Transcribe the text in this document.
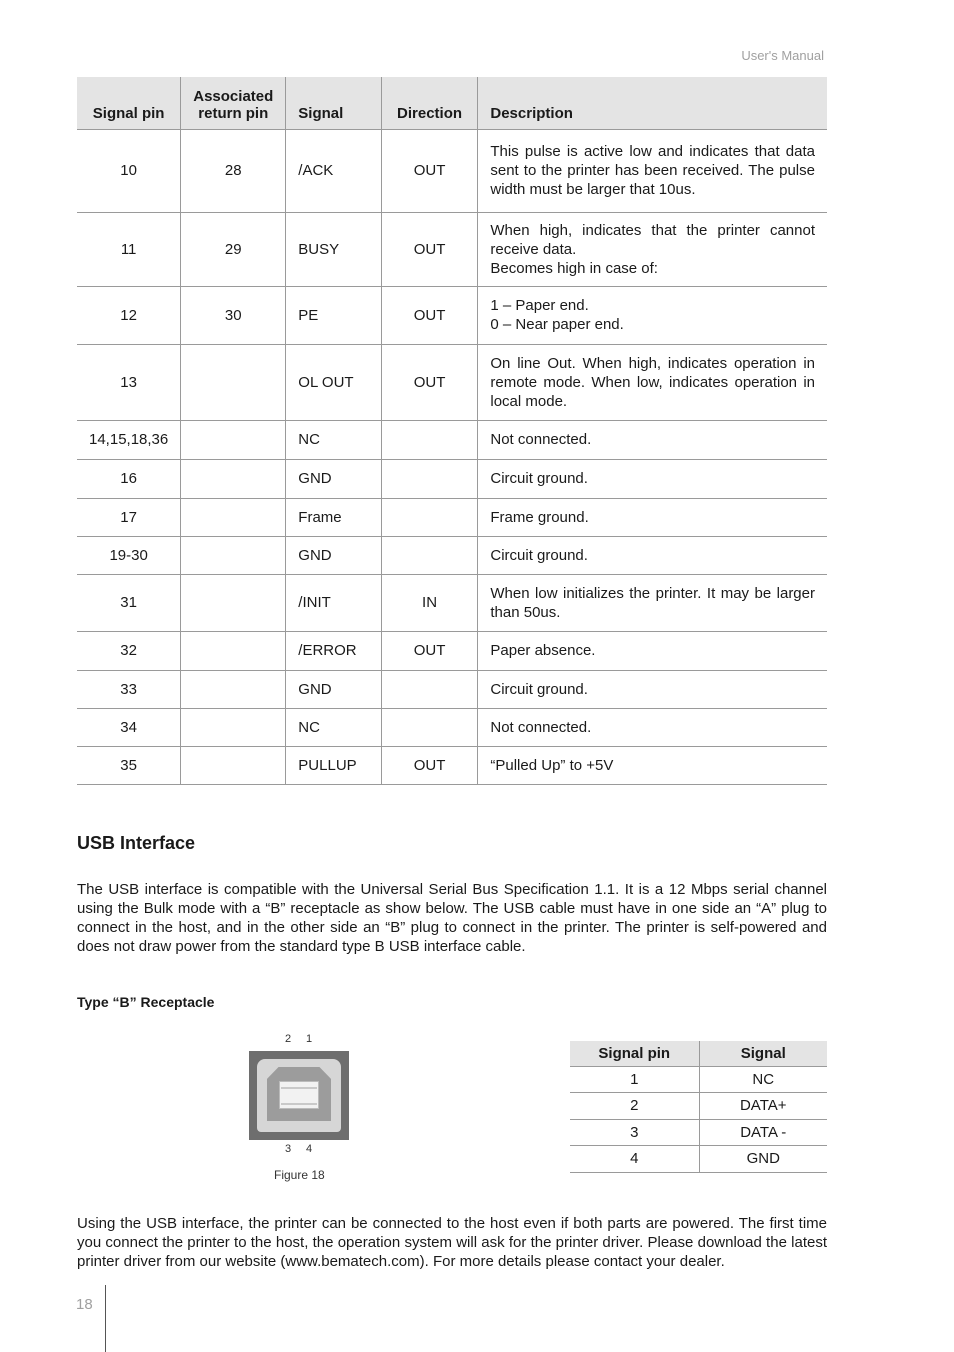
User's Manual
Signal pin	Associated return pin	Signal	Direction	Description
10	28	/ACK	OUT	This pulse is active low and indicates that data sent to the printer has been received. The pulse width must be larger that 10us.
11	29	BUSY	OUT	When high, indicates that the printer cannot receive data.
Becomes high in case of:
12	30	PE	OUT	1 – Paper end.
0 – Near paper end.
13		OL OUT	OUT	On line Out. When high, indicates operation in remote mode. When low, indicates operation in local mode.
14,15,18,36		NC		Not connected.
16		GND		Circuit ground.
17		Frame		Frame ground.
19-30		GND		Circuit ground.
31		/INIT	IN	When low initializes the printer. It may be larger than 50us.
32		/ERROR	OUT	Paper absence.
33		GND		Circuit ground.
34		NC		Not connected.
35		PULLUP	OUT	“Pulled Up” to +5V
USB Interface
The USB interface is compatible with the Universal Serial Bus Specification 1.1. It is a 12 Mbps serial channel using the Bulk mode with a “B” receptacle as show below. The USB cable must have in one side an “A” plug to connect in the host, and in the other side an “B” plug to connect in the printer. The printer is self-powered and does not draw power from the standard type B USB interface cable.
Type “B” Receptacle
2 1
3 4
Figure 18
Signal pin	Signal
1	NC
2	DATA+
3	DATA -
4	GND
Using the USB interface, the printer can be connected to the host even if both parts are powered. The first time you connect the printer to the host, the operation system will ask for the printer driver. Please download the latest printer driver from our website (www.bematech.com). For more details please contact your dealer.
18
